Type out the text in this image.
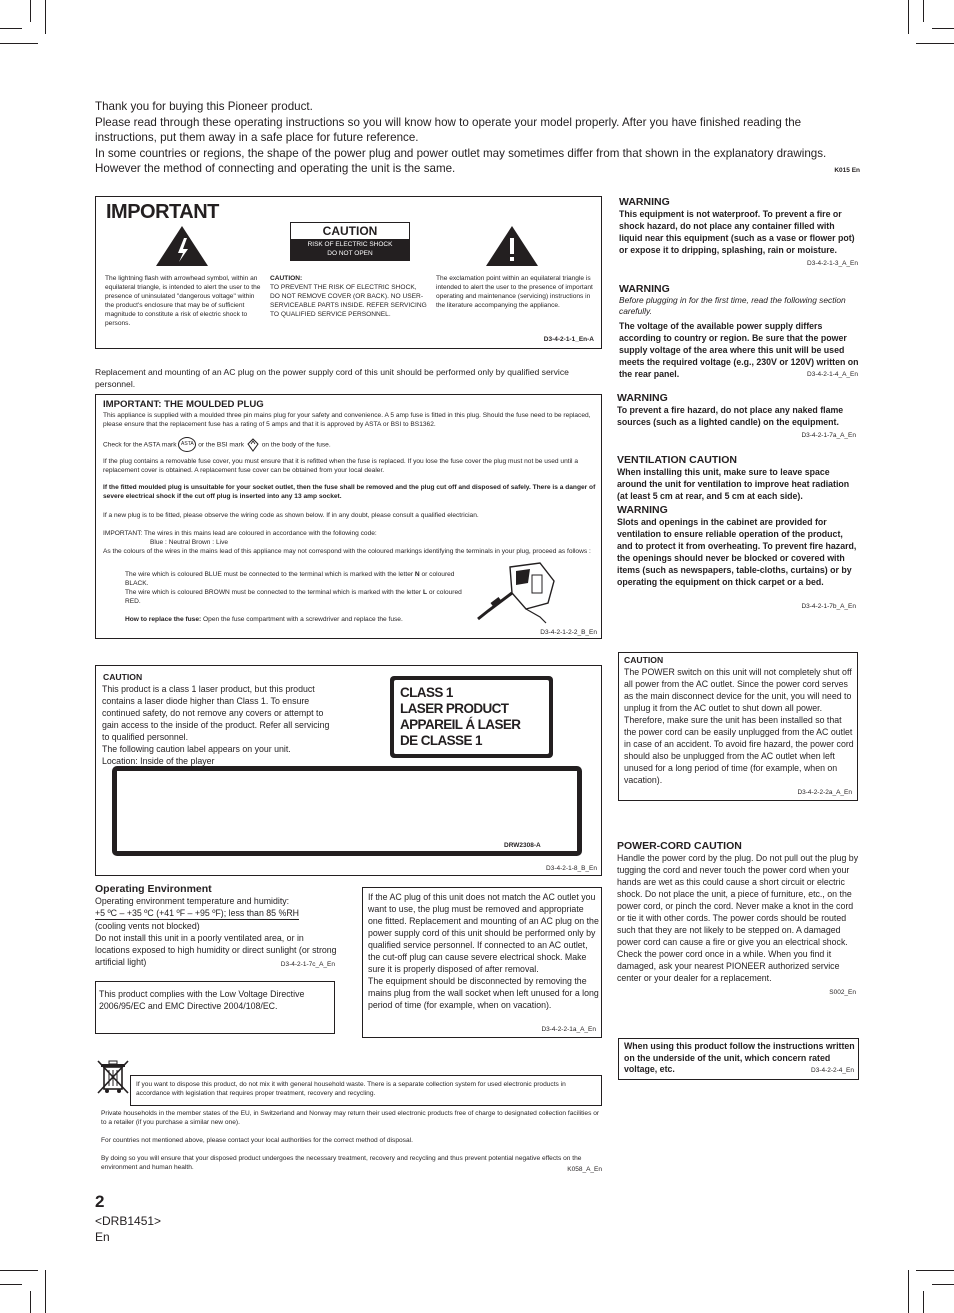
Thank you for buying this Pioneer product.

Please read through these operating instructions so you will know how to operate your model properly. After you have finished reading the instructions, put them away in a safe place for future reference.

In some countries or regions, the shape of the power plug and power outlet may sometimes differ from that shown in the explanatory drawings. However the method of connecting and operating the unit is the same.	K015 En
IMPORTANT
CAUTION
RISK OF ELECTRIC SHOCK
DO NOT OPEN
The lightning flash with arrowhead symbol, within an equilateral triangle, is intended to alert the user to the presence of uninsulated "dangerous voltage" within the product's enclosure that may be of sufficient magnitude to constitute a risk of electric shock to persons.
CAUTION:
TO PREVENT THE RISK OF ELECTRIC SHOCK, DO NOT REMOVE COVER (OR BACK). NO USER-SERVICEABLE PARTS INSIDE. REFER SERVICING TO QUALIFIED SERVICE PERSONNEL.
The exclamation point within an equilateral triangle is intended to alert the user to the presence of important operating and maintenance (servicing) instructions in the literature accompanying the appliance.
D3-4-2-1-1_En-A
Replacement and mounting of an AC plug on the power supply cord of this unit should be performed only by qualified service personnel.
IMPORTANT: THE MOULDED PLUG
This appliance is supplied with a moulded three pin mains plug for your safety and convenience. A 5 amp fuse is fitted in this plug. Should the fuse need to be replaced, please ensure that the replacement fuse has a rating of 5 amps and that it is approved by ASTA or BSI to BS1362.
Check for the ASTA mark ASTA or the BSI mark	on the body of the fuse.
If the plug contains a removable fuse cover, you must ensure that it is refitted when the fuse is replaced. If you lose the fuse cover the plug must not be used until a replacement cover is obtained. A replacement fuse cover can be obtained from your local dealer.
If the fitted moulded plug is unsuitable for your socket outlet, then the fuse shall be removed and the plug cut off and disposed of safely. There is a danger of severe electrical shock if the cut off plug is inserted into any 13 amp socket.
If a new plug is to be fitted, please observe the wiring code as shown below. If in any doubt, please consult a qualified electrician.
IMPORTANT: The wires in this mains lead are coloured in accordance with the following code:
Blue : Neutral Brown : Live
As the colours of the wires in the mains lead of this appliance may not correspond with the coloured markings identifying the terminals in your plug, proceed as follows :
The wire which is coloured BLUE must be connected to the terminal which is marked with the letter N or coloured BLACK.
The wire which is coloured BROWN must be connected to the terminal which is marked with the letter L or coloured RED.
How to replace the fuse: Open the fuse compartment with a screwdriver and replace the fuse.
D3-4-2-1-2-2_B_En
WARNING
This equipment is not waterproof. To prevent a fire or shock hazard, do not place any container filled with liquid near this equipment (such as a vase or flower pot) or expose it to dripping, splashing, rain or moisture.
D3-4-2-1-3_A_En
WARNING
Before plugging in for the first time, read the following section carefully.
The voltage of the available power supply differs according to country or region. Be sure that the power supply voltage of the area where this unit will be used meets the required voltage (e.g., 230V or 120V) written on the rear panel.	D3-4-2-1-4_A_En
WARNING
To prevent a fire hazard, do not place any naked flame sources (such as a lighted candle) on the equipment.
D3-4-2-1-7a_A_En
VENTILATION CAUTION
When installing this unit, make sure to leave space around the unit for ventilation to improve heat radiation (at least 5 cm at rear, and 5 cm at each side).
WARNING
Slots and openings in the cabinet are provided for ventilation to ensure reliable operation of the product, and to protect it from overheating. To prevent fire hazard, the openings should never be blocked or covered with items (such as newspapers, table-cloths, curtains) or by operating the equipment on thick carpet or a bed.
D3-4-2-1-7b_A_En
CAUTION
This product is a class 1 laser product, but this product contains a laser diode higher than Class 1. To ensure continued safety, do not remove any covers or attempt to gain access to the inside of the product. Refer all servicing to qualified personnel.
The following caution label appears on your unit.
Location: Inside of the player
CLASS 1
LASER PRODUCT
APPAREIL Á LASER
DE CLASSE 1
DRW2308-A
D3-4-2-1-8_B_En
CAUTION
The POWER switch on this unit will not completely shut off all power from the AC outlet. Since the power cord serves as the main disconnect device for the unit, you will need to unplug it from the AC outlet to shut down all power. Therefore, make sure the unit has been installed so that the power cord can be easily unplugged from the AC outlet in case of an accident. To avoid fire hazard, the power cord should also be unplugged from the AC outlet when left unused for a long period of time (for example, when on vacation).
D3-4-2-2-2a_A_En
POWER-CORD CAUTION
Handle the power cord by the plug. Do not pull out the plug by tugging the cord and never touch the power cord when your hands are wet as this could cause a short circuit or electric shock. Do not place the unit, a piece of furniture, etc., on the power cord, or pinch the cord. Never make a knot in the cord or tie it with other cords. The power cords should be routed such that they are not likely to be stepped on. A damaged power cord can cause a fire or give you an electrical shock. Check the power cord once in a while. When you find it damaged, ask your nearest PIONEER authorized service center or your dealer for a replacement.
S002_En
Operating Environment
Operating environment temperature and humidity:
+5 ºC – +35 ºC (+41 ºF – +95 ºF); less than 85 %RH
(cooling vents not blocked)
Do not install this unit in a poorly ventilated area, or in locations exposed to high humidity or direct sunlight (or strong artificial light)	D3-4-2-1-7c_A_En
This product complies with the Low Voltage Directive 2006/95/EC and EMC Directive 2004/108/EC.
If the AC plug of this unit does not match the AC outlet you want to use, the plug must be removed and appropriate one fitted. Replacement and mounting of an AC plug on the power supply cord of this unit should be performed only by qualified service personnel. If connected to an AC outlet, the cut-off plug can cause severe electrical shock. Make sure it is properly disposed of after removal.
The equipment should be disconnected by removing the mains plug from the wall socket when left unused for a long period of time (for example, when on vacation).
D3-4-2-2-1a_A_En
When using this product follow the instructions written on the underside of the unit, which concern rated voltage, etc.	D3-4-2-2-4_En
If you want to dispose this product, do not mix it with general household waste. There is a separate collection system for used electronic products in accordance with legislation that requires proper treatment, recovery and recycling.
Private households in the member states of the EU, in Switzerland and Norway may return their used electronic products free of charge to designated collection facilities or to a retailer (if you purchase a similar new one).
For countries not mentioned above, please contact your local authorities for the correct method of disposal.
By doing so you will ensure that your disposed product undergoes the necessary treatment, recovery and recycling and thus prevent potential negative effects on the environment and human health.	K058_A_En
2
<DRB1451>
En
